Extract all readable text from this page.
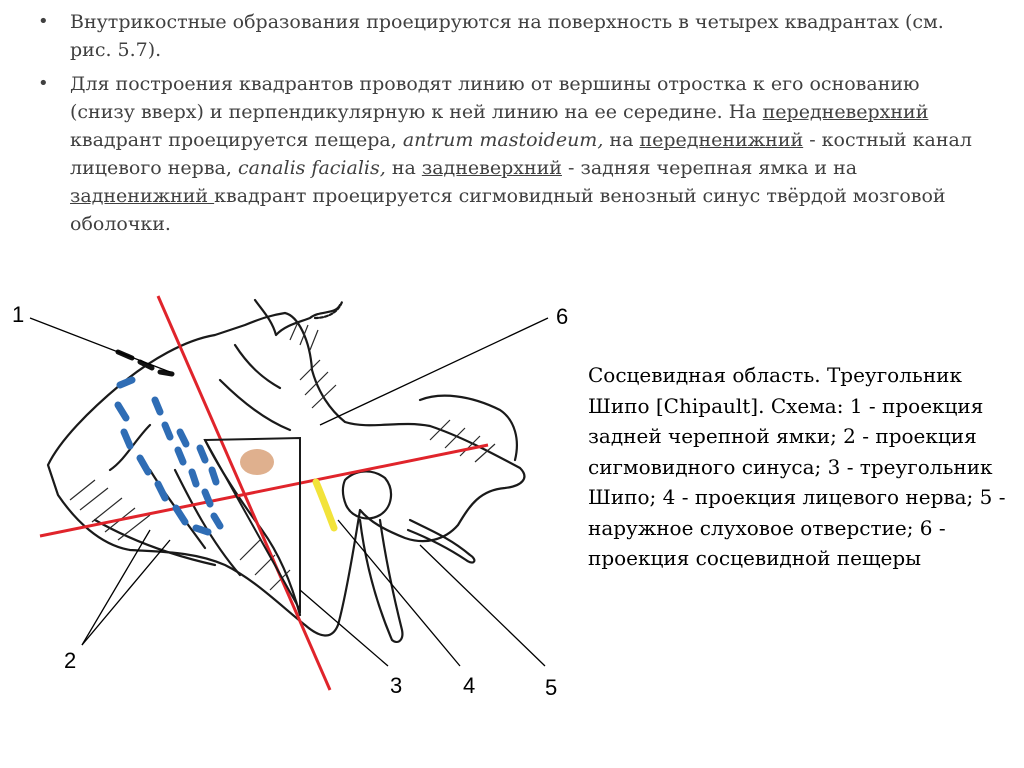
• Внутрикостные образования проецируются на поверхность в четырех квадрантах (см. рис. 5.7).
• Для построения квадрантов проводят линию от вершины отростка к его основанию (снизу вверх) и перпендикулярную к ней линию на ее середине. На передневерхний квадрант проецируется пещера, antrum mastoideum, на передненижний - костный канал лицевого нерва, canalis facialis, на задневерхний - задняя черепная ямка и на задненижний квадрант проецируется сигмовидный венозный синус твёрдой мозговой оболочки.
1	6
2
3	4	5
Сосцевидная область. Треугольник Шипо [Chipault]. Схема: 1 - проекция задней черепной ямки; 2 - проекция сигмовидного синуса; 3 - треугольник Шипо; 4 - проекция лицевого нерва; 5 - наружное слуховое отверстие; 6 - проекция сосцевидной пещеры
